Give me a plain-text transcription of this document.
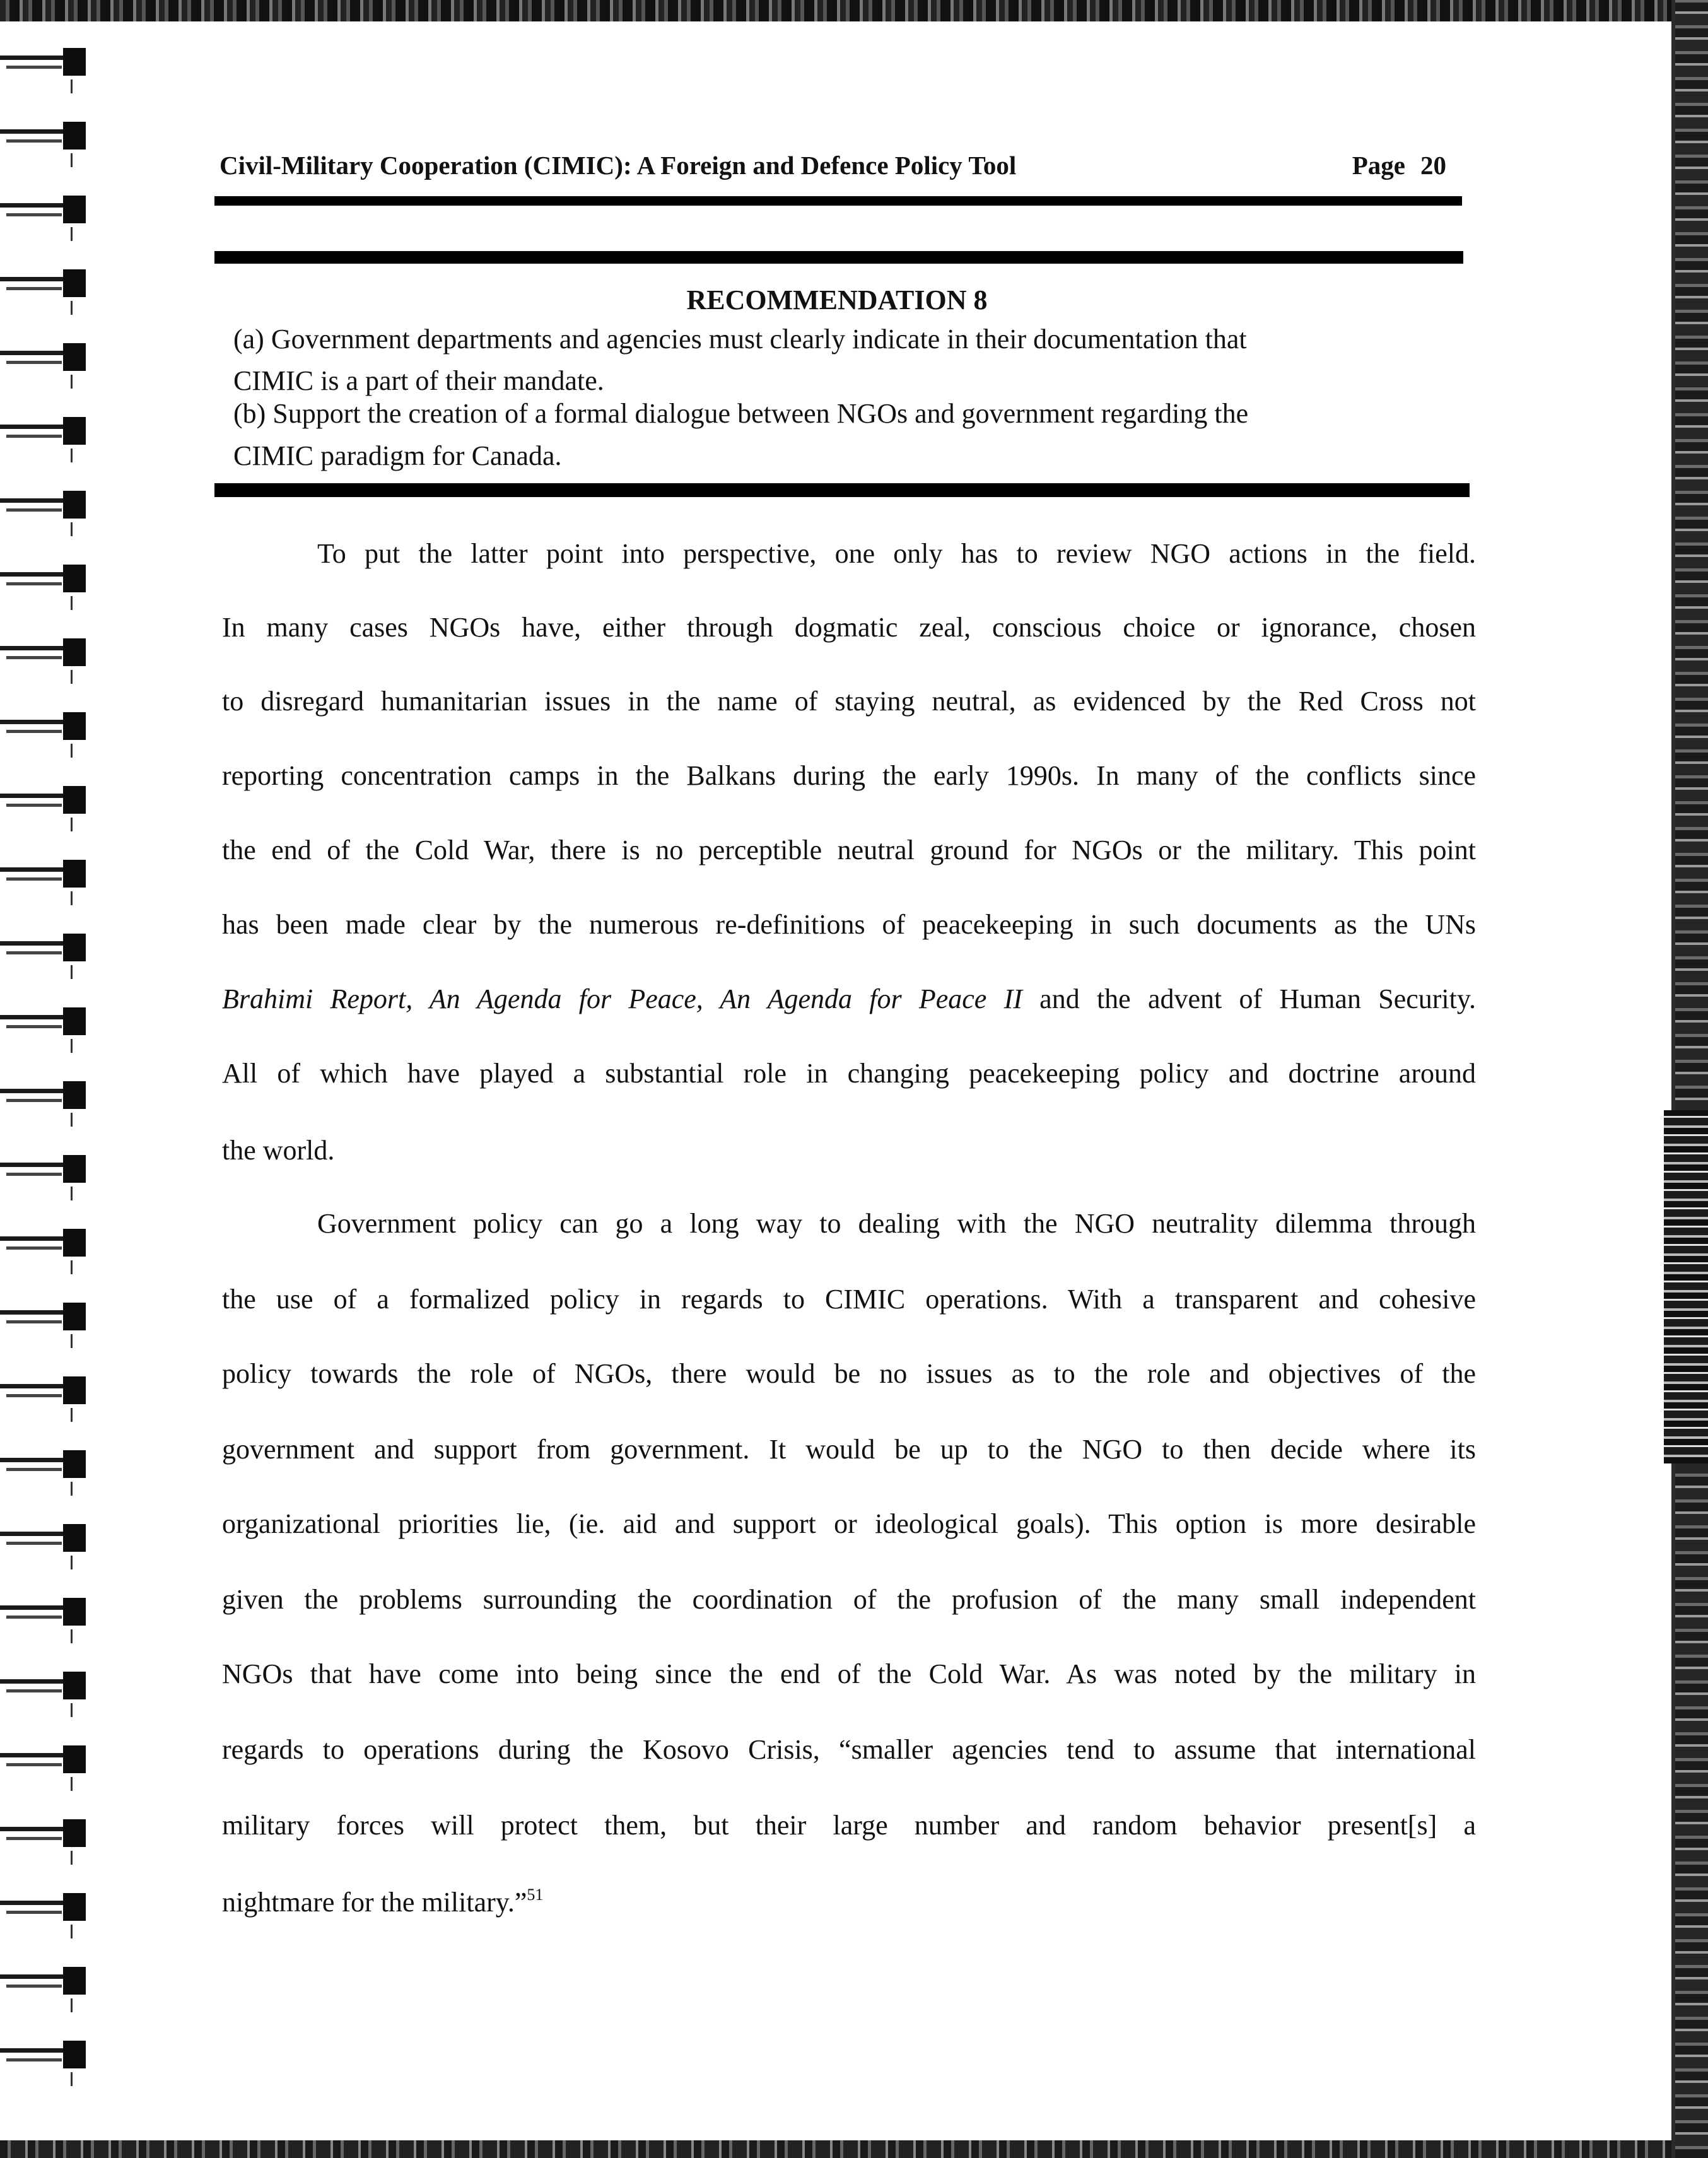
Civil-Military Cooperation (CIMIC): A Foreign and Defence Policy Tool	Page 20
RECOMMENDATION 8
(a) Government departments and agencies must clearly indicate in their documentation that
CIMIC is a part of their mandate.
(b) Support the creation of a formal dialogue between NGOs and government regarding the
CIMIC paradigm for Canada.
To put the latter point into perspective, one only has to review NGO actions in the field.
In many cases NGOs have, either through dogmatic zeal, conscious choice or ignorance, chosen
to disregard humanitarian issues in the name of staying neutral, as evidenced by the Red Cross not
reporting concentration camps in the Balkans during the early 1990s. In many of the conflicts since
the end of the Cold War, there is no perceptible neutral ground for NGOs or the military. This point
has been made clear by the numerous re-definitions of peacekeeping in such documents as the UNs
Brahimi Report, An Agenda for Peace, An Agenda for Peace II and the advent of Human Security.
All of which have played a substantial role in changing peacekeeping policy and doctrine around
the world.
Government policy can go a long way to dealing with the NGO neutrality dilemma through
the use of a formalized policy in regards to CIMIC operations. With a transparent and cohesive
policy towards the role of NGOs, there would be no issues as to the role and objectives of the
government and support from government. It would be up to the NGO to then decide where its
organizational priorities lie, (ie. aid and support or ideological goals). This option is more desirable
given the problems surrounding the coordination of the profusion of the many small independent
NGOs that have come into being since the end of the Cold War. As was noted by the military in
regards to operations during the Kosovo Crisis, “smaller agencies tend to assume that international
military forces will protect them, but their large number and random behavior present[s] a
nightmare for the military.”$^{51}$
